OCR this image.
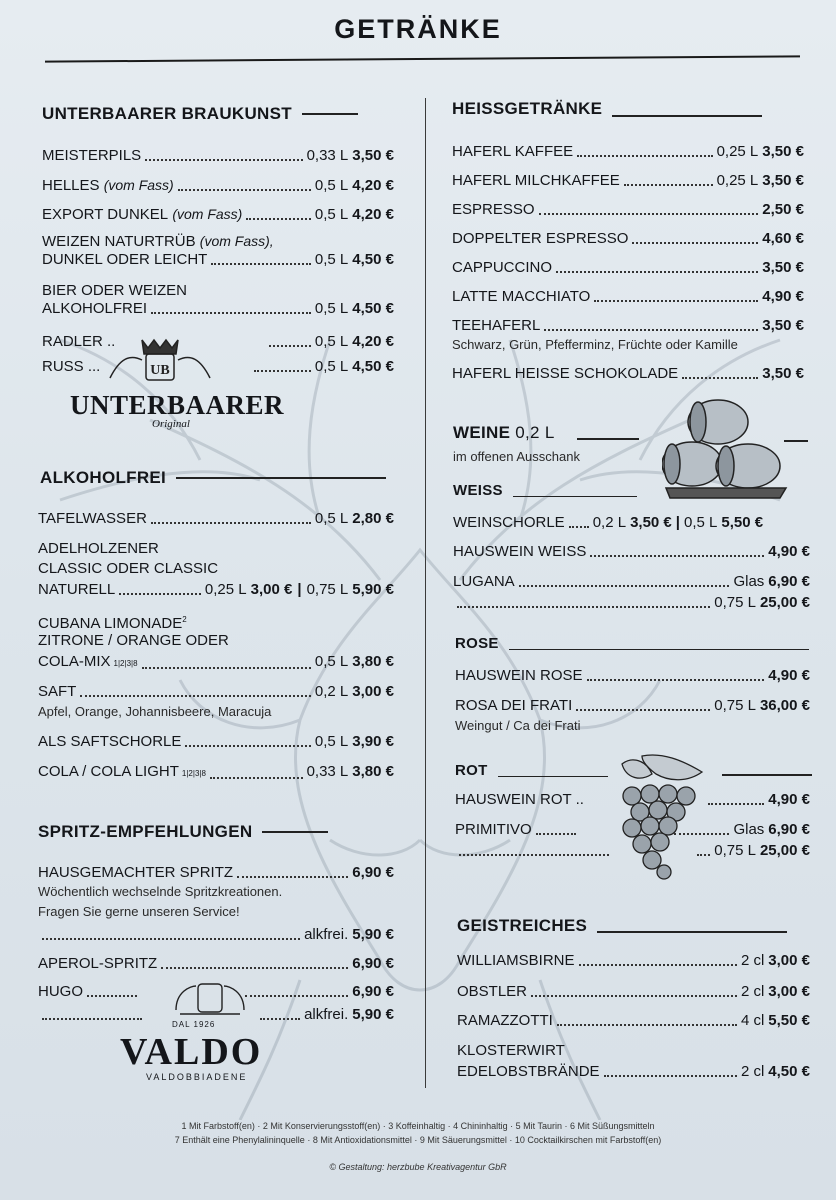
GETRÄNKE
UNTERBAARER BRAUKUNST
MEISTERPILS	0,33 L 3,50 €
HELLES
(vom Fass)	0,5 L 4,20 €
EXPORT DUNKEL
(vom Fass)	0,5 L 4,20 €
WEIZEN NATURTRÜB (vom Fass),
DUNKEL ODER LEICHT	0,5 L 4,50 €
BIER ODER WEIZEN
ALKOHOLFREI	0,5 L 4,50 €
RADLER ..	0,5 L 4,20 €
RUSS ...	0,5 L 4,50 €
UB
UNTERBAARER
Original
ALKOHOLFREI
TAFELWASSER	0,5 L 2,80 €
ADELHOLZENER
CLASSIC ODER CLASSIC
NATURELL	0,25 L 3,00 € | 0,75 L 5,90 €
CUBANA LIMONADE$^2$
ZITRONE / ORANGE ODER
COLA-MIX 1|2|3|8	0,5 L 3,80 €
SAFT	0,2 L 3,00 €
Apfel, Orange, Johannisbeere, Maracuja
ALS SAFTSCHORLE	0,5 L 3,90 €
COLA / COLA LIGHT 1|2|3|8	0,33 L 3,80 €
SPRITZ-EMPFEHLUNGEN
HAUSGEMACHTER SPRITZ	6,90 €
Wöchentlich wechselnde Spritzkreationen.
Fragen Sie gerne unseren Service!
alkfrei. 5,90 €
APEROL-SPRITZ	6,90 €
HUGO	6,90 €
alkfrei. 5,90 €
DAL 1926
VALDO
VALDOBBIADENE
HEISSGETRÄNKE
HAFERL KAFFEE	0,25 L 3,50 €
HAFERL MILCHKAFFEE	0,25 L 3,50 €
ESPRESSO	2,50 €
DOPPELTER ESPRESSO	4,60 €
CAPPUCCINO	3,50 €
LATTE MACCHIATO	4,90 €
TEEHAFERL	3,50 €
Schwarz, Grün, Pfefferminz, Früchte oder Kamille
HAFERL HEISSE SCHOKOLADE	3,50 €
WEINE
0,2 L
im offenen Ausschank
WEISS
WEINSCHORLE 0,2 L 3,50 € | 0,5 L 5,50 €
HAUSWEIN WEISS	4,90 €
LUGANA	Glas 6,90 €
0,75 L 25,00 €
ROSE
HAUSWEIN ROSE	4,90 €
ROSA DEI FRATI	0,75 L 36,00 €
Weingut / Ca dei Frati
ROT
HAUSWEIN ROT ..	4,90 €
PRIMITIVO	Glas 6,90 €
0,75 L 25,00 €
GEISTREICHES
WILLIAMSBIRNE	2 cl 3,00 €
OBSTLER	2 cl 3,00 €
RAMAZZOTTI	4 cl 5,50 €
KLOSTERWIRT
EDELOBSTBRÄNDE	2 cl 4,50 €
1 Mit Farbstoff(en) · 2 Mit Konservierungsstoff(en) · 3 Koffeinhaltig · 4 Chininhaltig · 5 Mit Taurin · 6 Mit Süßungsmitteln
7 Enthält eine Phenylalininquelle · 8 Mit Antioxidationsmittel · 9 Mit Säuerungsmittel · 10 Cocktailkirschen mit Farbstoff(en)
© Gestaltung: herzbube Kreativagentur GbR
